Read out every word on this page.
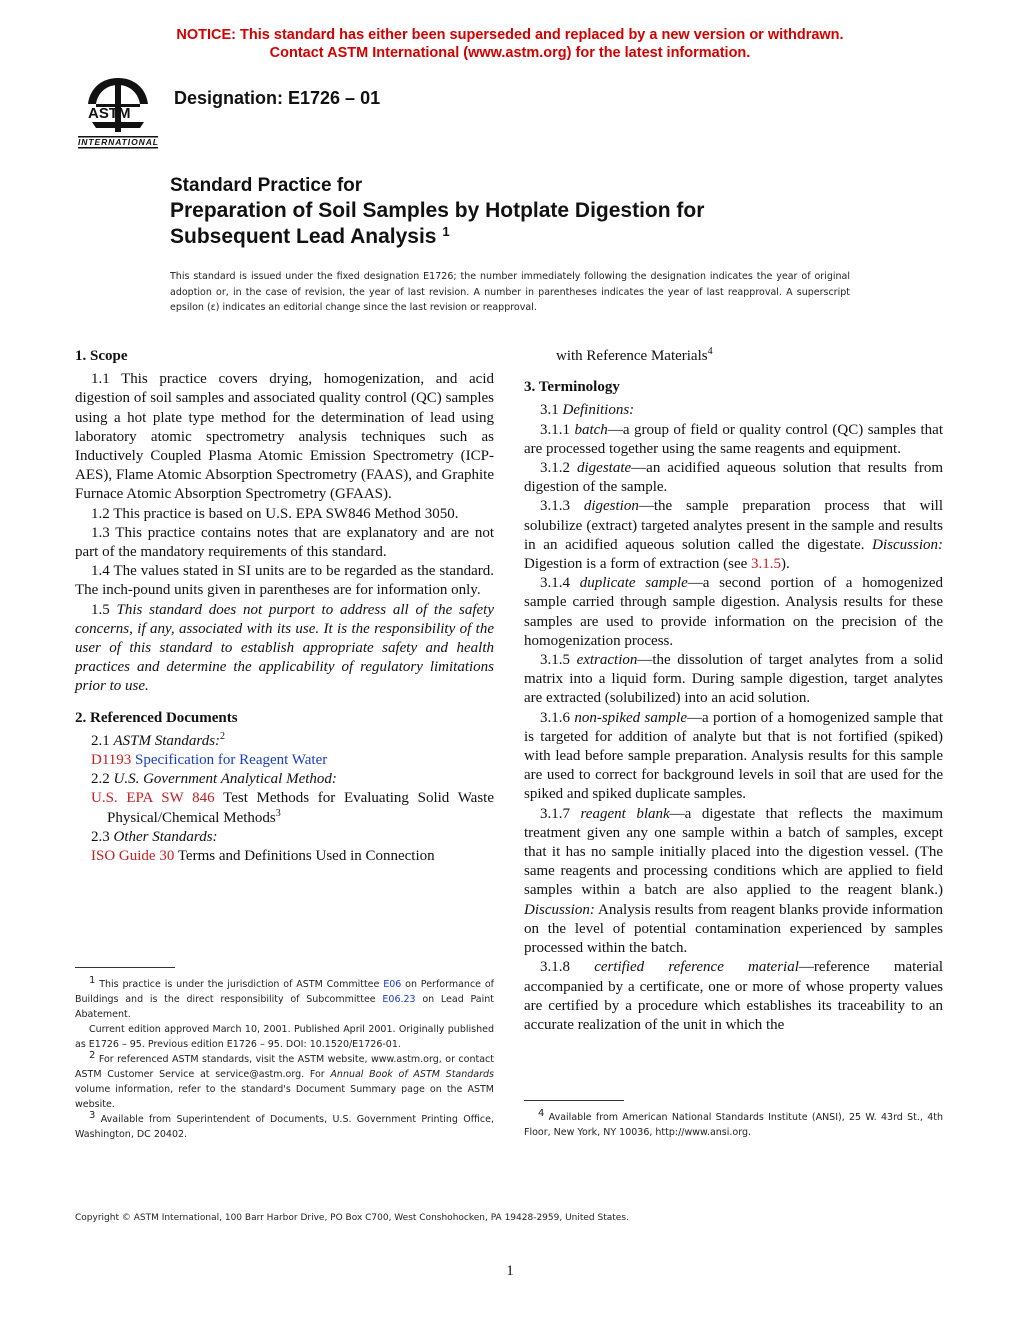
NOTICE: This standard has either been superseded and replaced by a new version or withdrawn.
Contact ASTM International (www.astm.org) for the latest information.
ASTM
INTERNATIONAL
Designation: E1726 – 01
Standard Practice for
Preparation of Soil Samples by Hotplate Digestion for
Subsequent Lead Analysis $^1$
This standard is issued under the fixed designation E1726; the number immediately following the designation indicates the year of original adoption or, in the case of revision, the year of last revision. A number in parentheses indicates the year of last reapproval. A superscript epsilon (ε) indicates an editorial change since the last revision or reapproval.

1. Scope

1.1 This practice covers drying, homogenization, and acid digestion of soil samples and associated quality control (QC) samples using a hot plate type method for the determination of lead using laboratory atomic spectrometry analysis techniques such as Inductively Coupled Plasma Atomic Emission Spectrometry (ICP-AES), Flame Atomic Absorption Spectrometry (FAAS), and Graphite Furnace Atomic Absorption Spectrometry (GFAAS).

1.2 This practice is based on U.S. EPA SW846 Method 3050.

1.3 This practice contains notes that are explanatory and are not part of the mandatory requirements of this standard.

1.4 The values stated in SI units are to be regarded as the standard. The inch-pound units given in parentheses are for information only.

1.5 This standard does not purport to address all of the safety concerns, if any, associated with its use. It is the responsibility of the user of this standard to establish appropriate safety and health practices and determine the applicability of regulatory limitations prior to use.

2. Referenced Documents

2.1 ASTM Standards:$^2$

D1193 Specification for Reagent Water

2.2 U.S. Government Analytical Method:

U.S. EPA SW 846 Test Methods for Evaluating Solid Waste Physical/Chemical Methods$^3$

2.3 Other Standards:

ISO Guide 30 Terms and Definitions Used in Connection

with Reference Materials$^4$

3. Terminology

3.1 Definitions:

3.1.1 batch—a group of field or quality control (QC) samples that are processed together using the same reagents and equipment.

3.1.2 digestate—an acidified aqueous solution that results from digestion of the sample.

3.1.3 digestion—the sample preparation process that will solubilize (extract) targeted analytes present in the sample and results in an acidified aqueous solution called the digestate. Discussion: Digestion is a form of extraction (see 3.1.5).

3.1.4 duplicate sample—a second portion of a homogenized sample carried through sample digestion. Analysis results for these samples are used to provide information on the precision of the homogenization process.

3.1.5 extraction—the dissolution of target analytes from a solid matrix into a liquid form. During sample digestion, target analytes are extracted (solubilized) into an acid solution.

3.1.6 non-spiked sample—a portion of a homogenized sample that is targeted for addition of analyte but that is not fortified (spiked) with lead before sample preparation. Analysis results for this sample are used to correct for background levels in soil that are used for the spiked and spiked duplicate samples.

3.1.7 reagent blank—a digestate that reflects the maximum treatment given any one sample within a batch of samples, except that it has no sample initially placed into the digestion vessel. (The same reagents and processing conditions which are applied to field samples within a batch are also applied to the reagent blank.) Discussion: Analysis results from reagent blanks provide information on the level of potential contamination experienced by samples processed within the batch.

3.1.8 certified reference material—reference material accompanied by a certificate, one or more of whose property values are certified by a procedure which establishes its traceability to an accurate realization of the unit in which the

$^1$ This practice is under the jurisdiction of ASTM Committee E06 on Performance of Buildings and is the direct responsibility of Subcommittee E06.23 on Lead Paint Abatement.

Current edition approved March 10, 2001. Published April 2001. Originally published as E1726 – 95. Previous edition E1726 – 95. DOI: 10.1520/E1726-01.

$^2$ For referenced ASTM standards, visit the ASTM website, www.astm.org, or contact ASTM Customer Service at service@astm.org. For Annual Book of ASTM Standards volume information, refer to the standard's Document Summary page on the ASTM website.

$^3$ Available from Superintendent of Documents, U.S. Government Printing Office, Washington, DC 20402.

$^4$ Available from American National Standards Institute (ANSI), 25 W. 43rd St., 4th Floor, New York, NY 10036, http://www.ansi.org.

Copyright © ASTM International, 100 Barr Harbor Drive, PO Box C700, West Conshohocken, PA 19428-2959, United States.
1
